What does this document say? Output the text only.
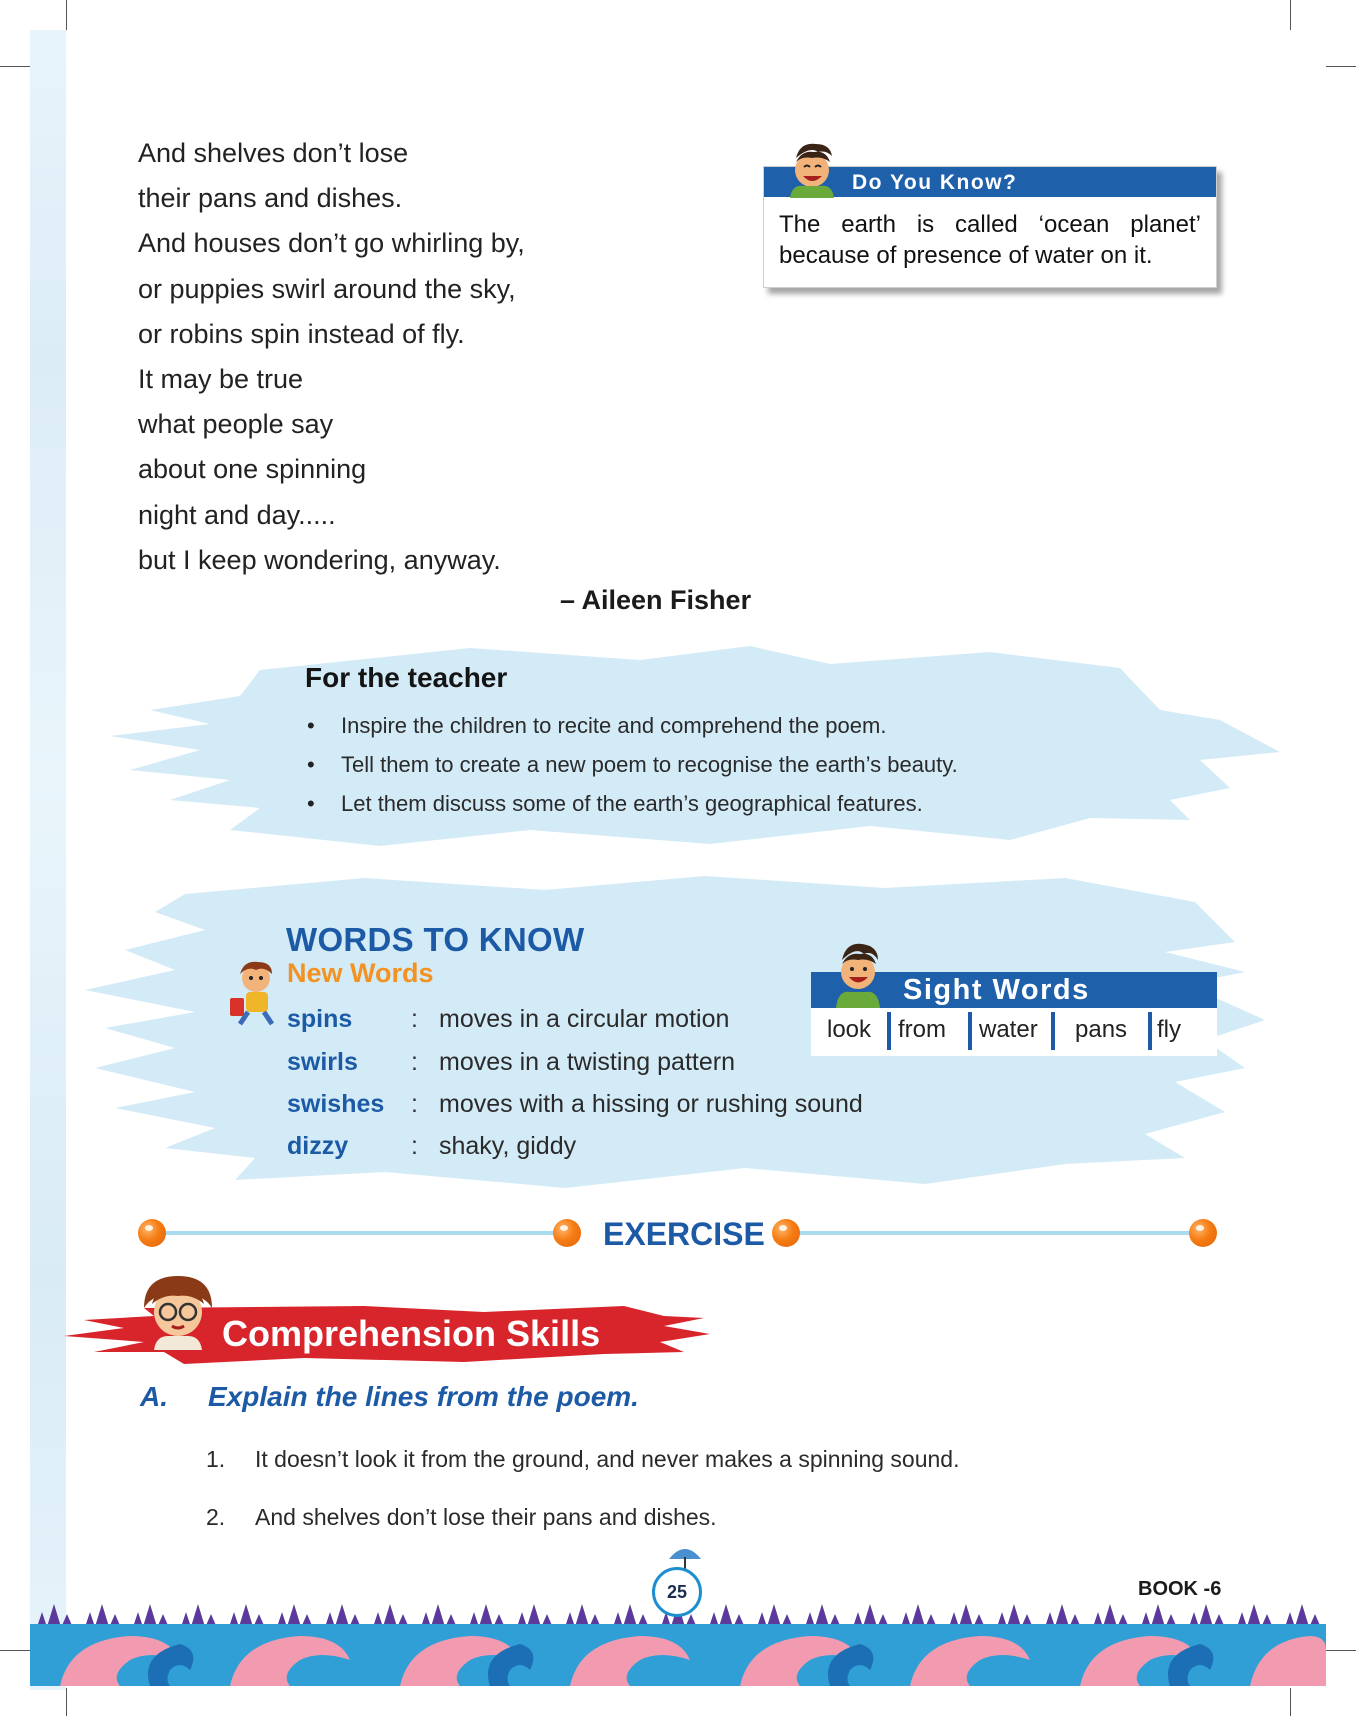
And shelves don’t lose
their pans and dishes.
And houses don’t go whirling by,
or puppies swirl around the sky,
or robins spin instead of fly.
It may be true
what people say
about one spinning
night and day.....
but I keep wondering, anyway.
– Aileen Fisher
Do You Know?
The earth is called ‘ocean planet’ because of presence of water on it.
For the teacher
• Inspire the children to recite and comprehend the poem.
• Tell them to create a new poem to recognise the earth’s beauty.
• Let them discuss some of the earth’s geographical features.
WORDS TO KNOW
New Words
spins : moves in a circular motion
swirls : moves in a twisting pattern
swishes : moves with a hissing or rushing sound
dizzy	: shaky, giddy
Sight Words
look from water pans fly
EXERCISE
Comprehension Skills
A. Explain the lines from the poem.
1. It doesn’t look it from the ground, and never makes a spinning sound.
2. And shelves don’t lose their pans and dishes.
25	BOOK -6
